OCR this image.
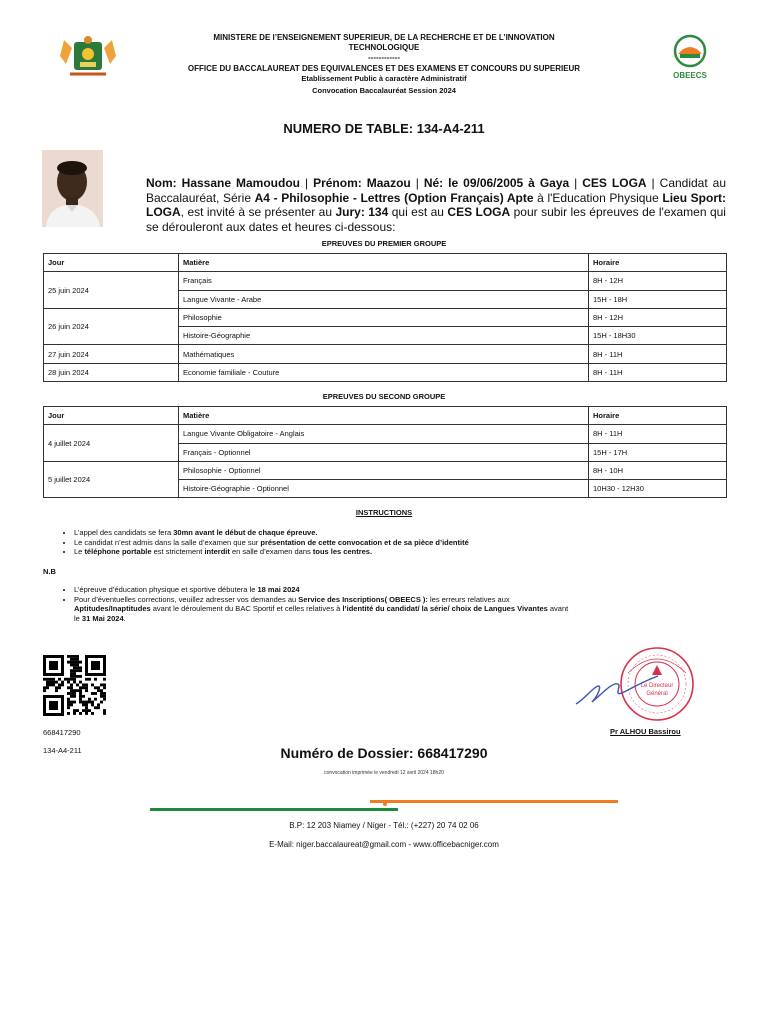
MINISTERE DE l’ENSEIGNEMENT SUPERIEUR, DE LA RECHERCHE ET DE L’INNOVATION TECHNOLOGIQUE
------------
OFFICE DU BACCALAUREAT DES EQUIVALENCES ET DES EXAMENS ET CONCOURS DU SUPERIEUR
Etablissement Public à caractère Administratif
Convocation Baccalauréat Session 2024
OBEECS
NUMERO DE TABLE: 134-A4-211
Nom: Hassane Mamoudou | Prénom: Maazou | Né: le 09/06/2005 à Gaya | CES LOGA | Candidat au Baccalauréat, Série A4 - Philosophie - Lettres (Option Français) Apte à l'Education Physique Lieu Sport: LOGA, est invité à se présenter au Jury: 134 qui est au CES LOGA pour subir les épreuves de l'examen qui se dérouleront aux dates et heures ci-dessous:
EPREUVES DU PREMIER GROUPE
Jour	Matière	Horaire
25 juin 2024	Français	8H - 12H
	Langue Vivante - Arabe	15H - 18H
26 juin 2024	Philosophie	8H - 12H
	Histoire-Géographie	15H - 18H30
27 juin 2024	Mathématiques	8H - 11H
28 juin 2024	Economie familiale - Couture	8H - 11H
EPREUVES DU SECOND GROUPE
Jour	Matière	Horaire
4 juillet 2024	Langue Vivante Obligatoire - Anglais	8H - 11H
	Français - Optionnel	15H - 17H
5 juillet 2024	Philosophie - Optionnel	8H - 10H
	Histoire-Géographie - Optionnel	10H30 - 12H30
INSTRUCTIONS
• L’appel des candidats se fera 30mn avant le début de chaque épreuve.
• Le candidat n’est admis dans la salle d’examen que sur présentation de cette convocation et de sa pièce d’identité
• Le téléphone portable est strictement interdit en salle d’examen dans tous les centres.
N.B
• L’épreuve d’éducation physique et sportive débutera le 18 mai 2024
• Pour d’éventuelles corrections, veuillez adresser vos demandes au Service des Inscriptions( OBEECS ): les erreurs relatives aux Aptitudes/Inaptitudes avant le déroulement du BAC Sportif et celles relatives à l’identité du candidat/ la série/ choix de Langues Vivantes avant le 31 Mai 2024.
668417290
134-A4-211
Le Directeur
Général
Pr ALHOU Bassirou
Numéro de Dossier: 668417290
convocation imprimée le vendredi 12 avril 2024 18h20
B.P: 12 203 Niamey / Niger - Tél.: (+227) 20 74 02 06
E-Mail: niger.baccalaureat@gmail.com - www.officebacniger.com
